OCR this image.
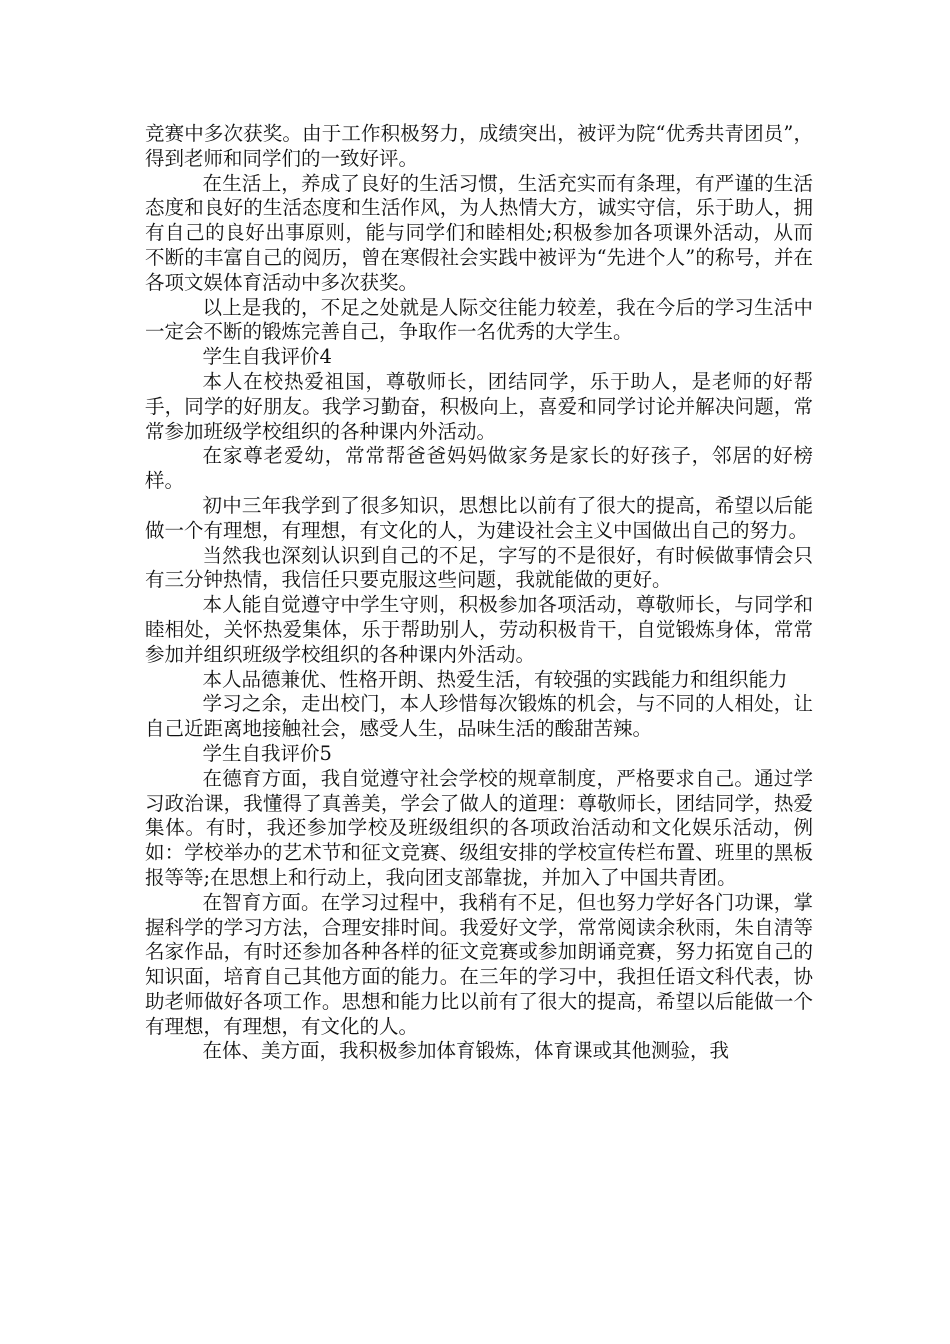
竞赛中多次获奖。由于工作积极努力，成绩突出，被评为院“优秀共青团员”，得到老师和同学们的一致好评。

在生活上，养成了良好的生活习惯，生活充实而有条理，有严谨的生活态度和良好的生活态度和生活作风，为人热情大方，诚实守信，乐于助人，拥有自己的良好出事原则，能与同学们和睦相处;积极参加各项课外活动，从而不断的丰富自己的阅历，曾在寒假社会实践中被评为“先进个人”的称号，并在各项文娱体育活动中多次获奖。

以上是我的，不足之处就是人际交往能力较差，我在今后的学习生活中一定会不断的锻炼完善自己，争取作一名优秀的大学生。

学生自我评价4

本人在校热爱祖国，尊敬师长，团结同学，乐于助人，是老师的好帮手，同学的好朋友。我学习勤奋，积极向上，喜爱和同学讨论并解决问题，常常参加班级学校组织的各种课内外活动。

在家尊老爱幼，常常帮爸爸妈妈做家务是家长的好孩子，邻居的好榜样。

初中三年我学到了很多知识，思想比以前有了很大的提高，希望以后能做一个有理想，有理想，有文化的人，为建设社会主义中国做出自己的努力。

当然我也深刻认识到自己的不足，字写的不是很好，有时候做事情会只有三分钟热情，我信任只要克服这些问题，我就能做的更好。

本人能自觉遵守中学生守则，积极参加各项活动，尊敬师长，与同学和睦相处，关怀热爱集体，乐于帮助别人，劳动积极肯干，自觉锻炼身体，常常参加并组织班级学校组织的各种课内外活动。

本人品德兼优、性格开朗、热爱生活，有较强的实践能力和组织能力

学习之余，走出校门，本人珍惜每次锻炼的机会，与不同的人相处，让自己近距离地接触社会，感受人生，品味生活的酸甜苦辣。

学生自我评价5

在德育方面，我自觉遵守社会学校的规章制度，严格要求自己。通过学习政治课，我懂得了真善美，学会了做人的道理：尊敬师长，团结同学，热爱集体。有时，我还参加学校及班级组织的各项政治活动和文化娱乐活动，例如：学校举办的艺术节和征文竞赛、级组安排的学校宣传栏布置、班里的黑板报等等;在思想上和行动上，我向团支部靠拢，并加入了中国共青团。

在智育方面。在学习过程中，我稍有不足，但也努力学好各门功课，掌握科学的学习方法，合理安排时间。我爱好文学，常常阅读余秋雨，朱自清等名家作品，有时还参加各种各样的征文竞赛或参加朗诵竞赛，努力拓宽自己的知识面，培育自己其他方面的能力。在三年的学习中，我担任语文科代表，协助老师做好各项工作。思想和能力比以前有了很大的提高，希望以后能做一个有理想，有理想，有文化的人。

在体、美方面，我积极参加体育锻炼，体育课或其他测验，我
